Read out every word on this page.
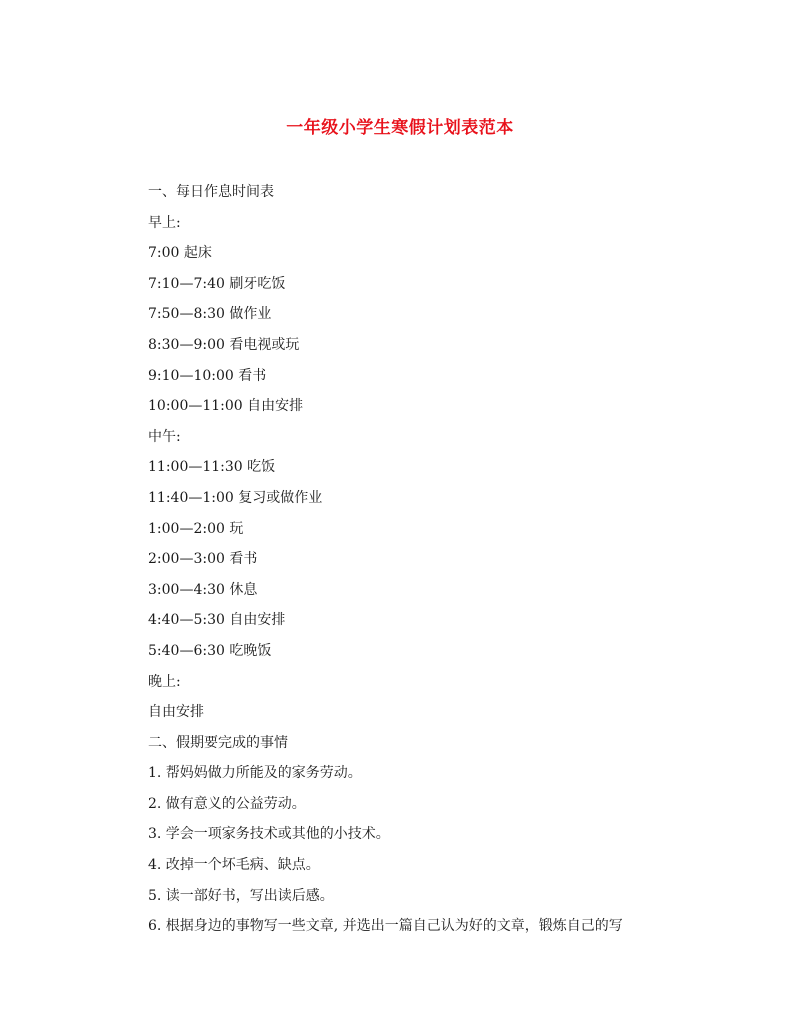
一年级小学生寒假计划表范本
一、每日作息时间表
早上:
7:00 起床
7:10—7:40 刷牙吃饭
7:50—8:30 做作业
8:30—9:00 看电视或玩
9:10—10:00 看书
10:00—11:00 自由安排
中午:
11:00—11:30 吃饭
11:40—1:00 复习或做作业
1:00—2:00 玩
2:00—3:00 看书
3:00—4:30 休息
4:40—5:30 自由安排
5:40—6:30 吃晚饭
晚上:
自由安排
二、假期要完成的事情
1. 帮妈妈做力所能及的家务劳动。
2. 做有意义的公益劳动。
3. 学会一项家务技术或其他的小技术。
4. 改掉一个坏毛病、缺点。
5. 读一部好书，写出读后感。
6. 根据身边的事物写一些文章, 并选出一篇自己认为好的文章，锻炼自己的写
